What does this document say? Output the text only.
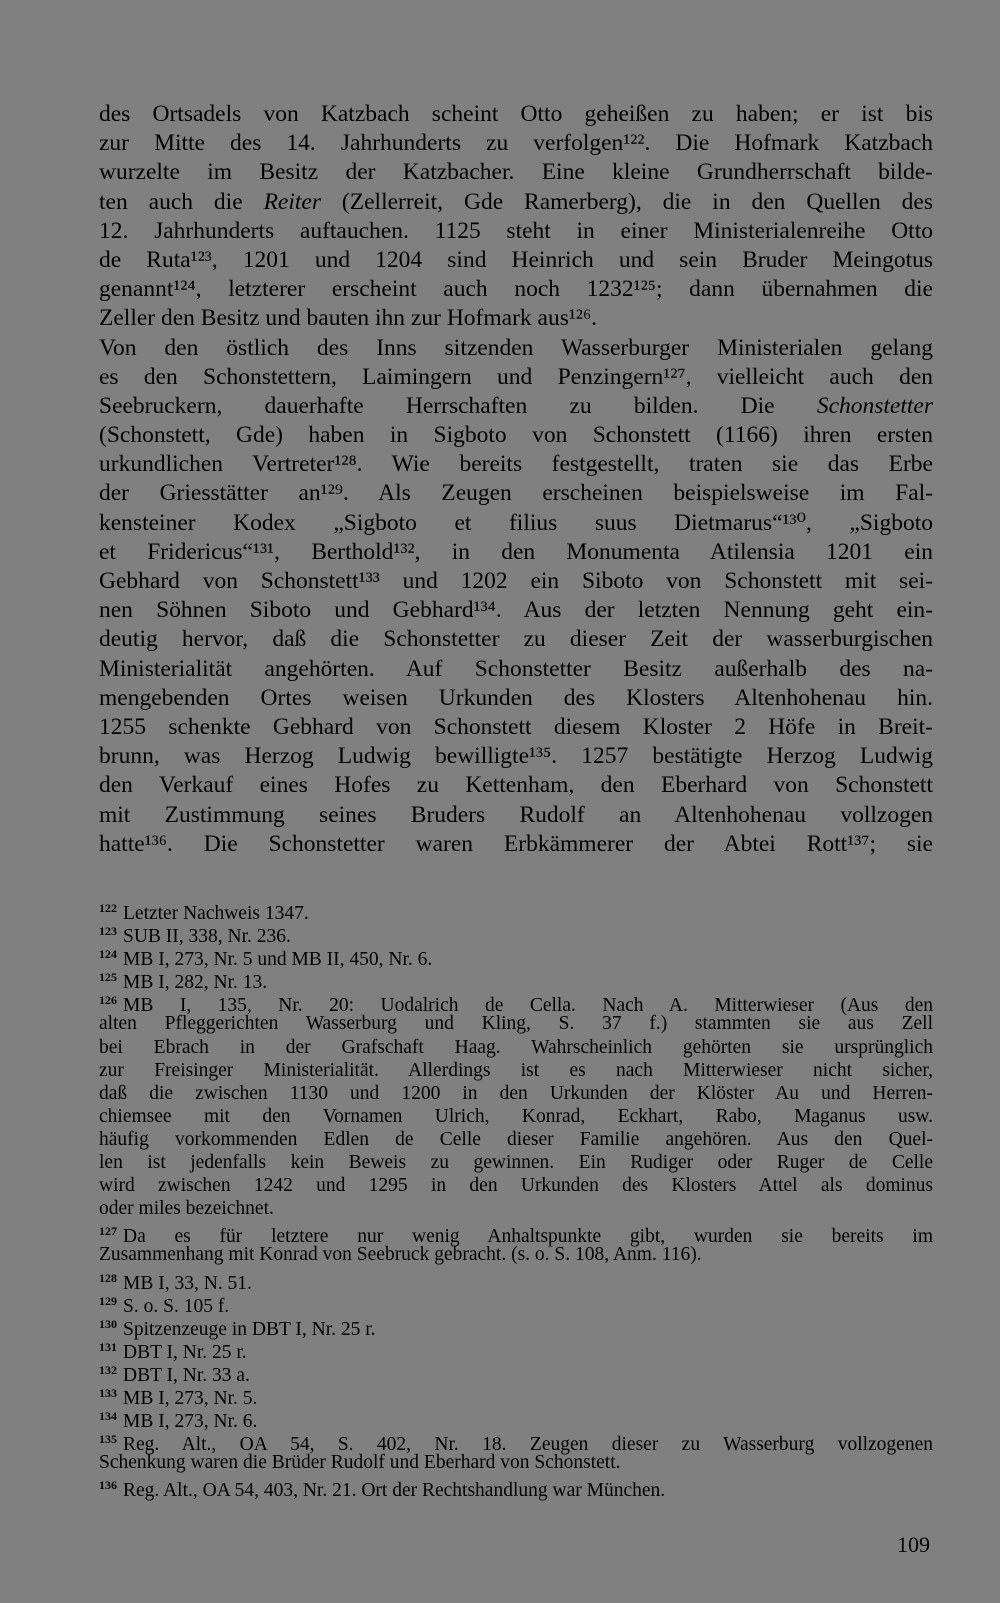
des Ortsadels von Katzbach scheint Otto geheißen zu haben; er ist bis
zur Mitte des 14. Jahrhunderts zu verfolgen¹²². Die Hofmark Katzbach
wurzelte im Besitz der Katzbacher. Eine kleine Grundherrschaft bilde-
ten auch die Reiter (Zellerreit, Gde Ramerberg), die in den Quellen des
12. Jahrhunderts auftauchen. 1125 steht in einer Ministerialenreihe Otto
de Ruta¹²³, 1201 und 1204 sind Heinrich und sein Bruder Meingotus
genannt¹²⁴, letzterer erscheint auch noch 1232¹²⁵; dann übernahmen die
Zeller den Besitz und bauten ihn zur Hofmark aus¹²⁶.
Von den östlich des Inns sitzenden Wasserburger Ministerialen gelang
es den Schonstettern, Laimingern und Penzingern¹²⁷, vielleicht auch den
Seebruckern, dauerhafte Herrschaften zu bilden. Die Schonstetter
(Schonstett, Gde) haben in Sigboto von Schonstett (1166) ihren ersten
urkundlichen Vertreter¹²⁸. Wie bereits festgestellt, traten sie das Erbe
der Griesstätter an¹²⁹. Als Zeugen erscheinen beispielsweise im Fal-
kensteiner Kodex „Sigboto et filius suus Dietmarus“¹³⁰, „Sigboto
et Fridericus“¹³¹, Berthold¹³², in den Monumenta Atilensia 1201 ein
Gebhard von Schonstett¹³³ und 1202 ein Siboto von Schonstett mit sei-
nen Söhnen Siboto und Gebhard¹³⁴. Aus der letzten Nennung geht ein-
deutig hervor, daß die Schonstetter zu dieser Zeit der wasserburgischen
Ministerialität angehörten. Auf Schonstetter Besitz außerhalb des na-
mengebenden Ortes weisen Urkunden des Klosters Altenhohenau hin.
1255 schenkte Gebhard von Schonstett diesem Kloster 2 Höfe in Breit-
brunn, was Herzog Ludwig bewilligte¹³⁵. 1257 bestätigte Herzog Ludwig
den Verkauf eines Hofes zu Kettenham, den Eberhard von Schonstett
mit Zustimmung seines Bruders Rudolf an Altenhohenau vollzogen
hatte¹³⁶. Die Schonstetter waren Erbkämmerer der Abtei Rott¹³⁷; sie
$^{122}$ Letzter Nachweis 1347.
$^{123}$ SUB II, 338, Nr. 236.
$^{124}$ MB I, 273, Nr. 5 und MB II, 450, Nr. 6.
$^{125}$ MB I, 282, Nr. 13.
$^{126}$ MB I, 135, Nr. 20: Uodalrich de Cella. Nach A. Mitterwieser (Aus den
alten Pfleggerichten Wasserburg und Kling, S. 37 f.) stammten sie aus Zell
bei Ebrach in der Grafschaft Haag. Wahrscheinlich gehörten sie ursprünglich
zur Freisinger Ministerialität. Allerdings ist es nach Mitterwieser nicht sicher,
daß die zwischen 1130 und 1200 in den Urkunden der Klöster Au und Herren-
chiemsee mit den Vornamen Ulrich, Konrad, Eckhart, Rabo, Maganus usw.
häufig vorkommenden Edlen de Celle dieser Familie angehören. Aus den Quel-
len ist jedenfalls kein Beweis zu gewinnen. Ein Rudiger oder Ruger de Celle
wird zwischen 1242 und 1295 in den Urkunden des Klosters Attel als dominus
oder miles bezeichnet.
$^{127}$ Da es für letztere nur wenig Anhaltspunkte gibt, wurden sie bereits im
Zusammenhang mit Konrad von Seebruck gebracht. (s. o. S. 108, Anm. 116).
$^{128}$ MB I, 33, N. 51.
$^{129}$ S. o. S. 105 f.
$^{130}$ Spitzenzeuge in DBT I, Nr. 25 r.
$^{131}$ DBT I, Nr. 25 r.
$^{132}$ DBT I, Nr. 33 a.
$^{133}$ MB I, 273, Nr. 5.
$^{134}$ MB I, 273, Nr. 6.
$^{135}$ Reg. Alt., OA 54, S. 402, Nr. 18. Zeugen dieser zu Wasserburg vollzogenen
Schenkung waren die Brüder Rudolf und Eberhard von Schonstett.
$^{136}$ Reg. Alt., OA 54, 403, Nr. 21. Ort der Rechtshandlung war München.
109
